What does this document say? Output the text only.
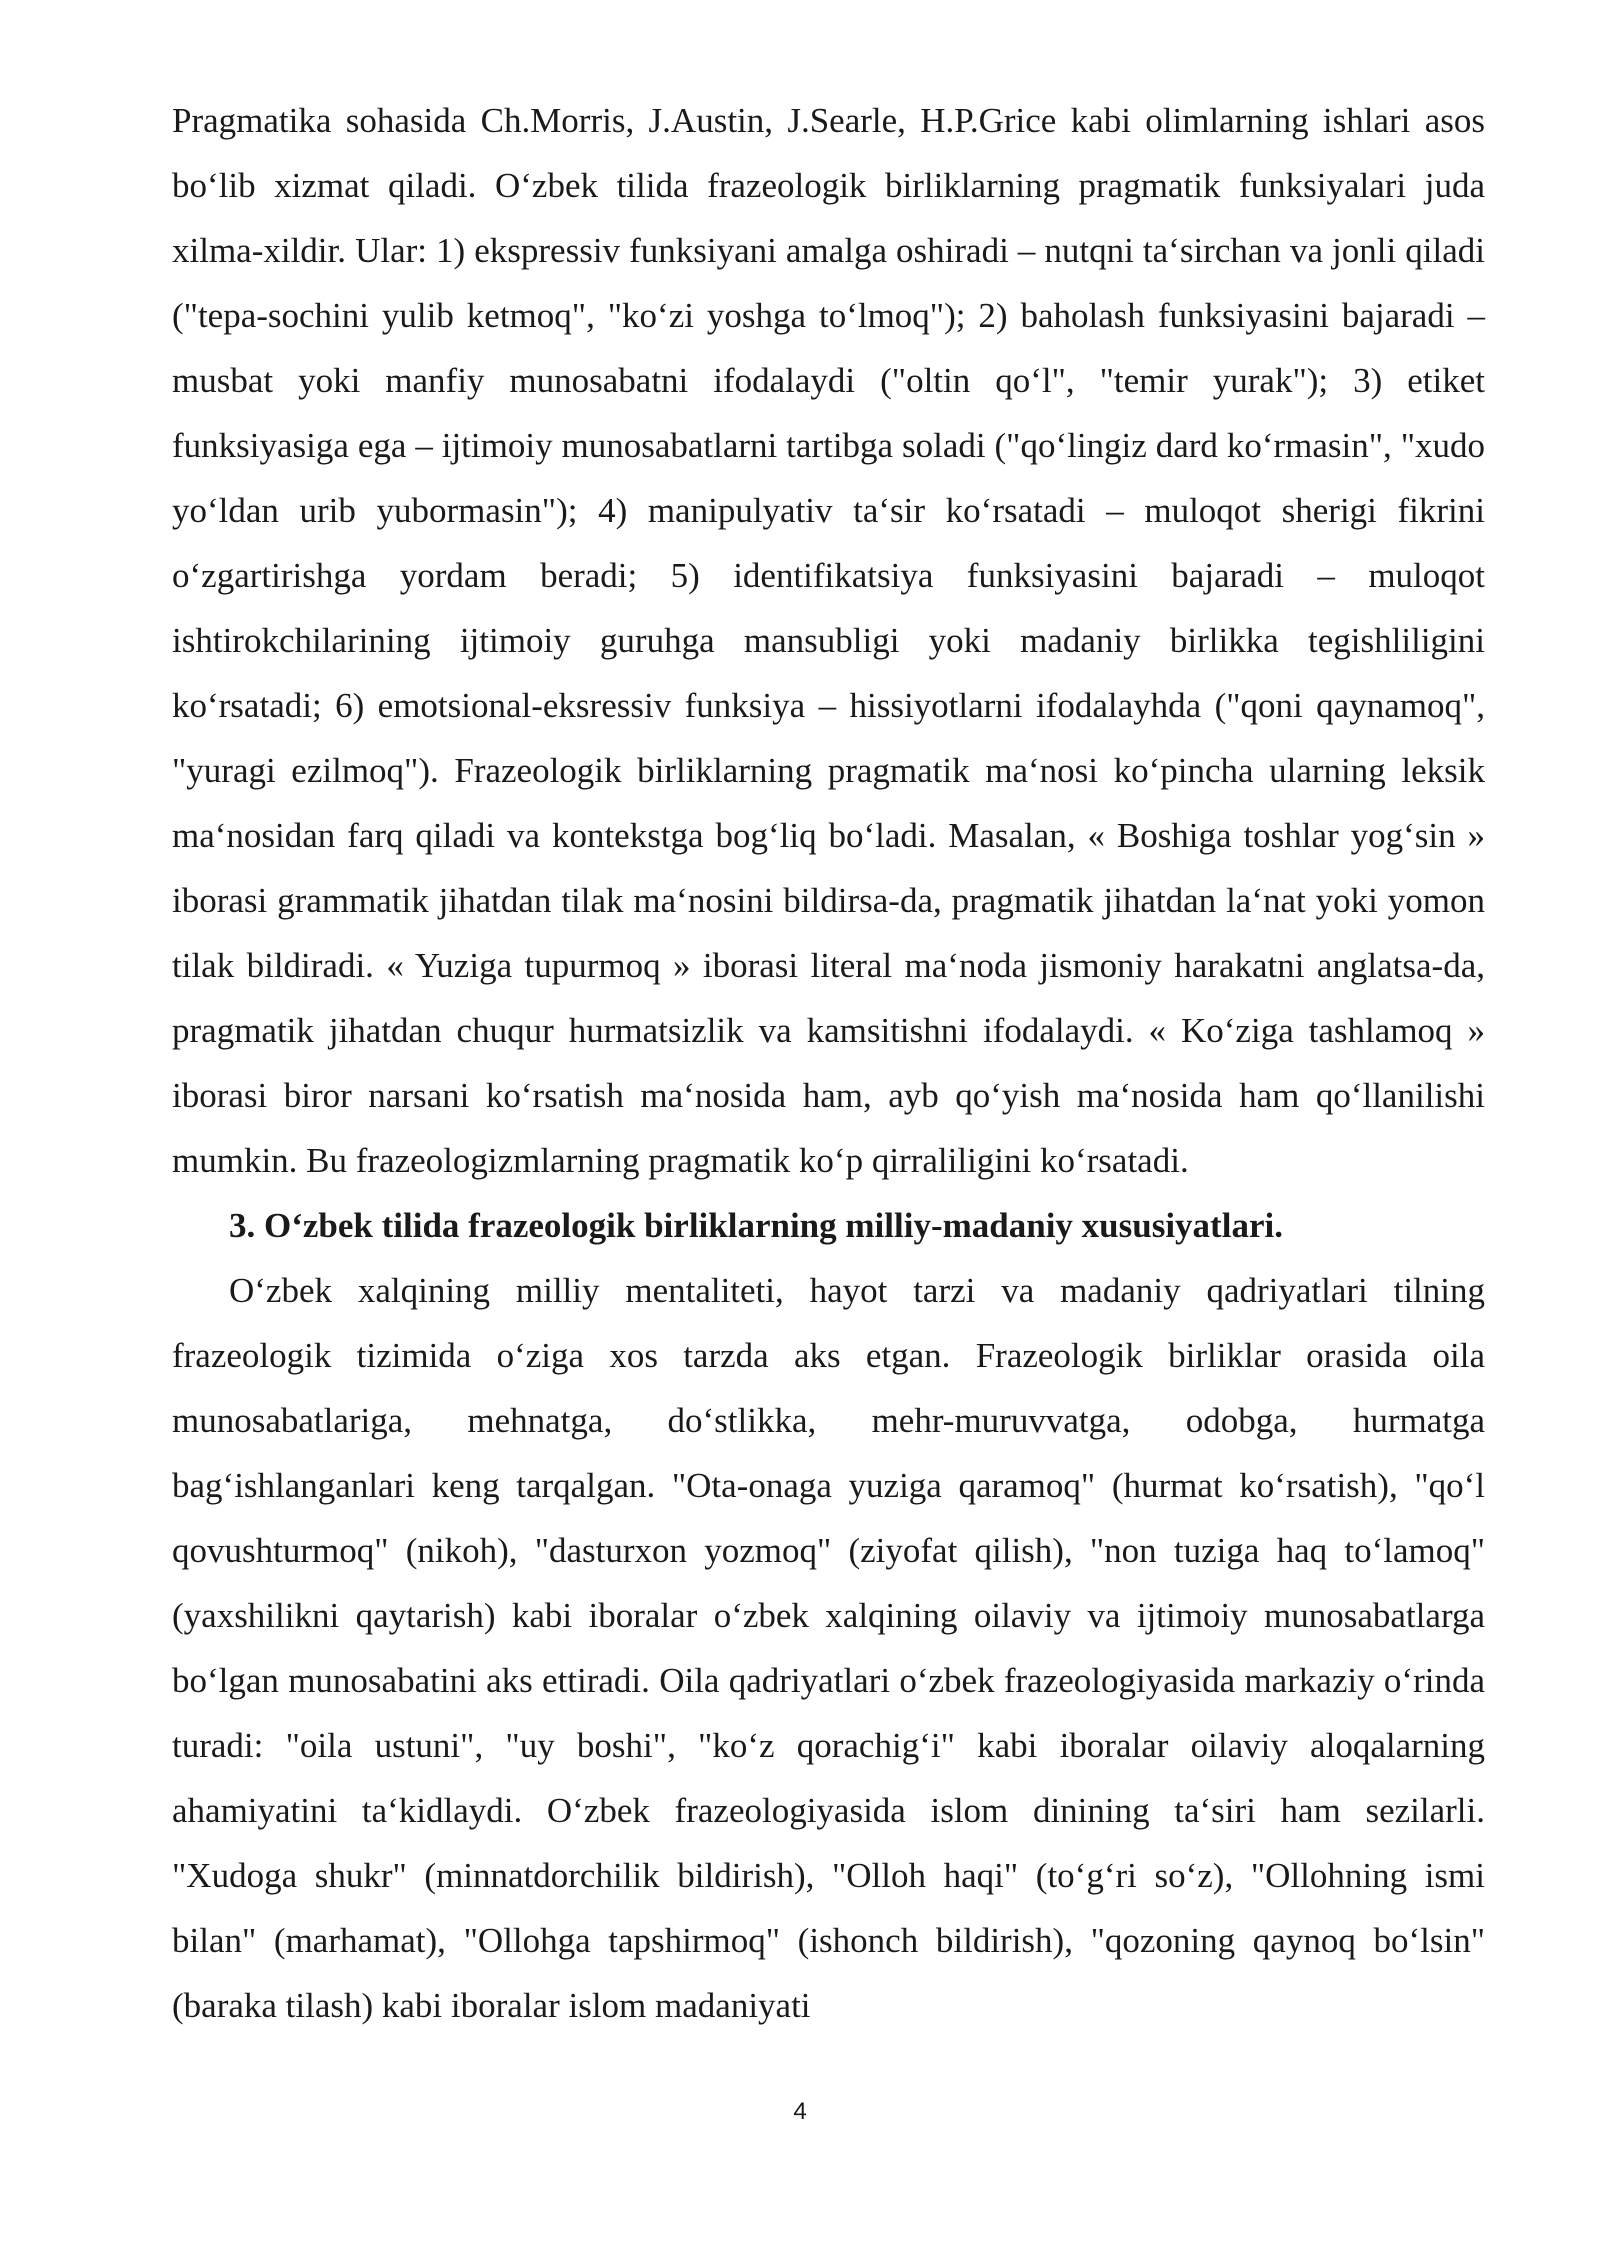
Pragmatika sohasida Ch.Morris, J.Austin, J.Searle, H.P.Grice kabi olimlarning ishlari asos bo‘lib xizmat qiladi. O‘zbek tilida frazeologik birliklarning pragmatik funksiyalari juda xilma-xildir. Ular: 1) ekspressiv funksiyani amalga oshiradi – nutqni ta‘sirchan va jonli qiladi ("tepa-sochini yulib ketmoq", "ko‘zi yoshga to‘lmoq"); 2) baholash funksiyasini bajaradi – musbat yoki manfiy munosabatni ifodalaydi ("oltin qo‘l", "temir yurak"); 3) etiket funksiyasiga ega – ijtimoiy munosabatlarni tartibga soladi ("qo‘lingiz dard ko‘rmasin", "xudo yo‘ldan urib yubormasin"); 4) manipulyativ ta‘sir ko‘rsatadi – muloqot sherigi fikrini o‘zgartirishga yordam beradi; 5) identifikatsiya funksiyasini bajaradi – muloqot ishtirokchilarining ijtimoiy guruhga mansubligi yoki madaniy birlikka tegishliligini ko‘rsatadi; 6) emotsional-eksressiv funksiya – hissiyotlarni ifodalayhda ("qoni qaynamoq", "yuragi ezilmoq"). Frazeologik birliklarning pragmatik ma‘nosi ko‘pincha ularning leksik ma‘nosidan farq qiladi va kontekstga bog‘liq bo‘ladi. Masalan, « Boshiga toshlar yog‘sin » iborasi grammatik jihatdan tilak ma‘nosini bildirsa-da, pragmatik jihatdan la‘nat yoki yomon tilak bildiradi. « Yuziga tupurmoq » iborasi literal ma‘noda jismoniy harakatni anglatsa-da, pragmatik jihatdan chuqur hurmatsizlik va kamsitishni ifodalaydi. « Ko‘ziga tashlamoq » iborasi biror narsani ko‘rsatish ma‘nosida ham, ayb qo‘yish ma‘nosida ham qo‘llanilishi mumkin. Bu frazeologizmlarning pragmatik ko‘p qirraliligini ko‘rsatadi.

3. O‘zbek tilida frazeologik birliklarning milliy-madaniy xususiyatlari.

O‘zbek xalqining milliy mentaliteti, hayot tarzi va madaniy qadriyatlari tilning frazeologik tizimida o‘ziga xos tarzda aks etgan. Frazeologik birliklar orasida oila munosabatlariga, mehnatga, do‘stlikka, mehr-muruvvatga, odobga, hurmatga bag‘ishlanganlari keng tarqalgan. "Ota-onaga yuziga qaramoq" (hurmat ko‘rsatish), "qo‘l qovushturmoq" (nikoh), "dasturxon yozmoq" (ziyofat qilish), "non tuziga haq to‘lamoq" (yaxshilikni qaytarish) kabi iboralar o‘zbek xalqining oilaviy va ijtimoiy munosabatlarga bo‘lgan munosabatini aks ettiradi. Oila qadriyatlari o‘zbek frazeologiyasida markaziy o‘rinda turadi: "oila ustuni", "uy boshi", "ko‘z qorachig‘i" kabi iboralar oilaviy aloqalarning ahamiyatini ta‘kidlaydi. O‘zbek frazeologiyasida islom dinining ta‘siri ham sezilarli. "Xudoga shukr" (minnatdorchilik bildirish), "Olloh haqi" (to‘g‘ri so‘z), "Ollohning ismi bilan" (marhamat), "Ollohga tapshirmoq" (ishonch bildirish), "qozoning qaynoq bo‘lsin" (baraka tilash) kabi iboralar islom madaniyati

4
